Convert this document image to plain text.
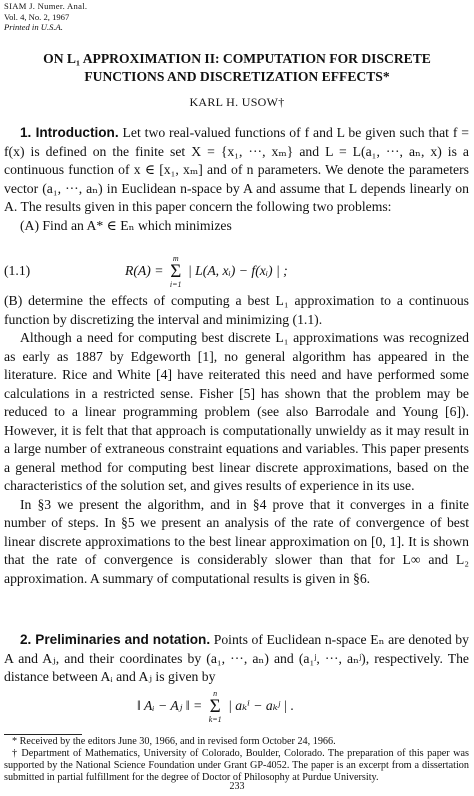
SIAM J. Numer. Anal.
Vol. 4, No. 2, 1967
Printed in U.S.A.
ON L₁ APPROXIMATION II: COMPUTATION FOR DISCRETE
FUNCTIONS AND DISCRETIZATION EFFECTS*
KARL H. USOW†

1. Introduction. Let two real-valued functions of f and L be given such that f = f(x) is defined on the finite set X = {x₁, ···, xₘ} and L = L(a₁, ···, aₙ, x) is a continuous function of x ∈ [x₁, xₘ] and of n parameters. We denote the parameters vector (a₁, ···, aₙ) in Euclidean n-space by A and assume that L depends linearly on A. The results given in this paper concern the following two problems:

(A) Find an A* ∈ Eₙ which minimizes

(1.1)	R(A) =
m
Σ
i=1
| L(A, xᵢ) − f(xᵢ) | ;

(B) determine the effects of computing a best L₁ approximation to a continuous function by discretizing the interval and minimizing (1.1).

Although a need for computing best discrete L₁ approximations was recognized as early as 1887 by Edgeworth [1], no general algorithm has appeared in the literature. Rice and White [4] have reiterated this need and have performed some calculations in a restricted sense. Fisher [5] has shown that the problem may be reduced to a linear programming problem (see also Barrodale and Young [6]). However, it is felt that that approach is computationally unwieldy as it may result in a large number of extraneous constraint equations and variables. This paper presents a general method for computing best linear discrete approximations, based on the characteristics of the solution set, and gives results of experience in its use.

In §3 we present the algorithm, and in §4 prove that it converges in a finite number of steps. In §5 we present an analysis of the rate of convergence of best linear discrete approximations to the best linear approximation on [0, 1]. It is shown that the rate of convergence is considerably slower than that for L∞ and L₂ approximation. A summary of computational results is given in §6.

2. Preliminaries and notation. Points of Euclidean n-space Eₙ are denoted by A and Aⱼ, and their coordinates by (a₁, ···, aₙ) and (a₁ʲ, ···, aₙʲ), respectively. The distance between Aᵢ and Aⱼ is given by

‖ Aᵢ − Aⱼ ‖ =
n
Σ
k=1
| aₖⁱ − aₖʲ | .

* Received by the editors June 30, 1966, and in revised form October 24, 1966.

† Department of Mathematics, University of Colorado, Boulder, Colorado. The preparation of this paper was supported by the National Science Foundation under Grant GP-4052. The paper is an excerpt from a dissertation submitted in partial fulfillment for the degree of Doctor of Philosophy at Purdue University.

233
